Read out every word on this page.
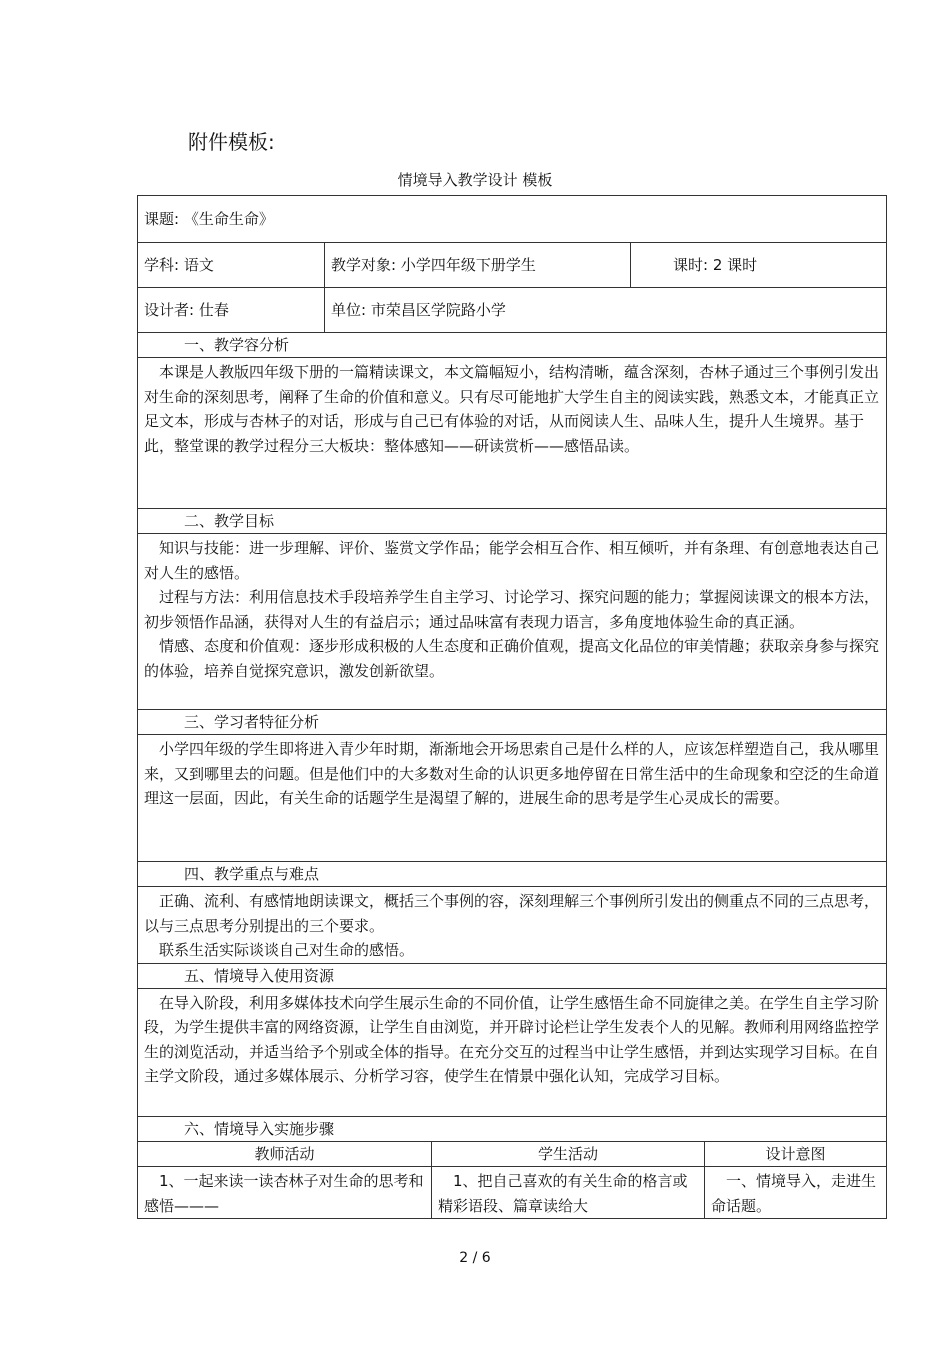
附件模板:
情境导入教学设计 模板
课题: 《生命生命》				
学科: 语文	教学对象: 小学四年级下册学生		课时: 2 课时	
设计者: 仕春	单位: 市荣昌区学院路小学			
一、教学容分析				

本课是人教版四年级下册的一篇精读课文，本文篇幅短小，结构清晰，蕴含深刻，杏林子通过三个事例引发出对生命的深刻思考，阐释了生命的价值和意义。只有尽可能地扩大学生自主的阅读实践，熟悉文本，才能真正立足文本，形成与杏林子的对话，形成与自己已有体验的对话，从而阅读人生、品味人生，提升人生境界。基于此，整堂课的教学过程分三大板块：整体感知——研读赏析——感悟品读。				

二、教学目标				

知识与技能：进一步理解、评价、鉴赏文学作品；能学会相互合作、相互倾听，并有条理、有创意地表达自己对人生的感悟。

过程与方法：利用信息技术手段培养学生自主学习、讨论学习、探究问题的能力；掌握阅读课文的根本方法，初步领悟作品涵，获得对人生的有益启示；通过品味富有表现力语言，多角度地体验生命的真正涵。

情感、态度和价值观：逐步形成积极的人生态度和正确价值观，提高文化品位的审美情趣；获取亲身参与探究的体验，培养自觉探究意识，激发创新欲望。				

三、学习者特征分析				

小学四年级的学生即将进入青少年时期，渐渐地会开场思索自己是什么样的人，应该怎样塑造自己，我从哪里来，又到哪里去的问题。但是他们中的大多数对生命的认识更多地停留在日常生活中的生命现象和空泛的生命道理这一层面，因此，有关生命的话题学生是渴望了解的，进展生命的思考是学生心灵成长的需要。				

四、教学重点与难点				

正确、流利、有感情地朗读课文，概括三个事例的容，深刻理解三个事例所引发出的侧重点不同的三点思考，以与三点思考分别提出的三个要求。

联系生活实际谈谈自己对生命的感悟。				

五、情境导入使用资源				

在导入阶段，利用多媒体技术向学生展示生命的不同价值，让学生感悟生命不同旋律之美。在学生自主学习阶段，为学生提供丰富的网络资源，让学生自由浏览，并开辟讨论栏让学生发表个人的见解。教师利用网络监控学生的浏览活动，并适当给予个别或全体的指导。在充分交互的过程当中让学生感悟，并到达实现学习目标。在自主学文阶段，通过多媒体展示、分析学习容，使学生在情景中强化认知，完成学习目标。				

六、情境导入实施步骤				
教师活动		学生活动		设计意图

1、一起来读一读杏林子对生命的思考和感悟———		1、把自己喜欢的有关生命的格言或精彩语段、篇章读给大		一、情境导入，走进生命话题。

2 / 6
